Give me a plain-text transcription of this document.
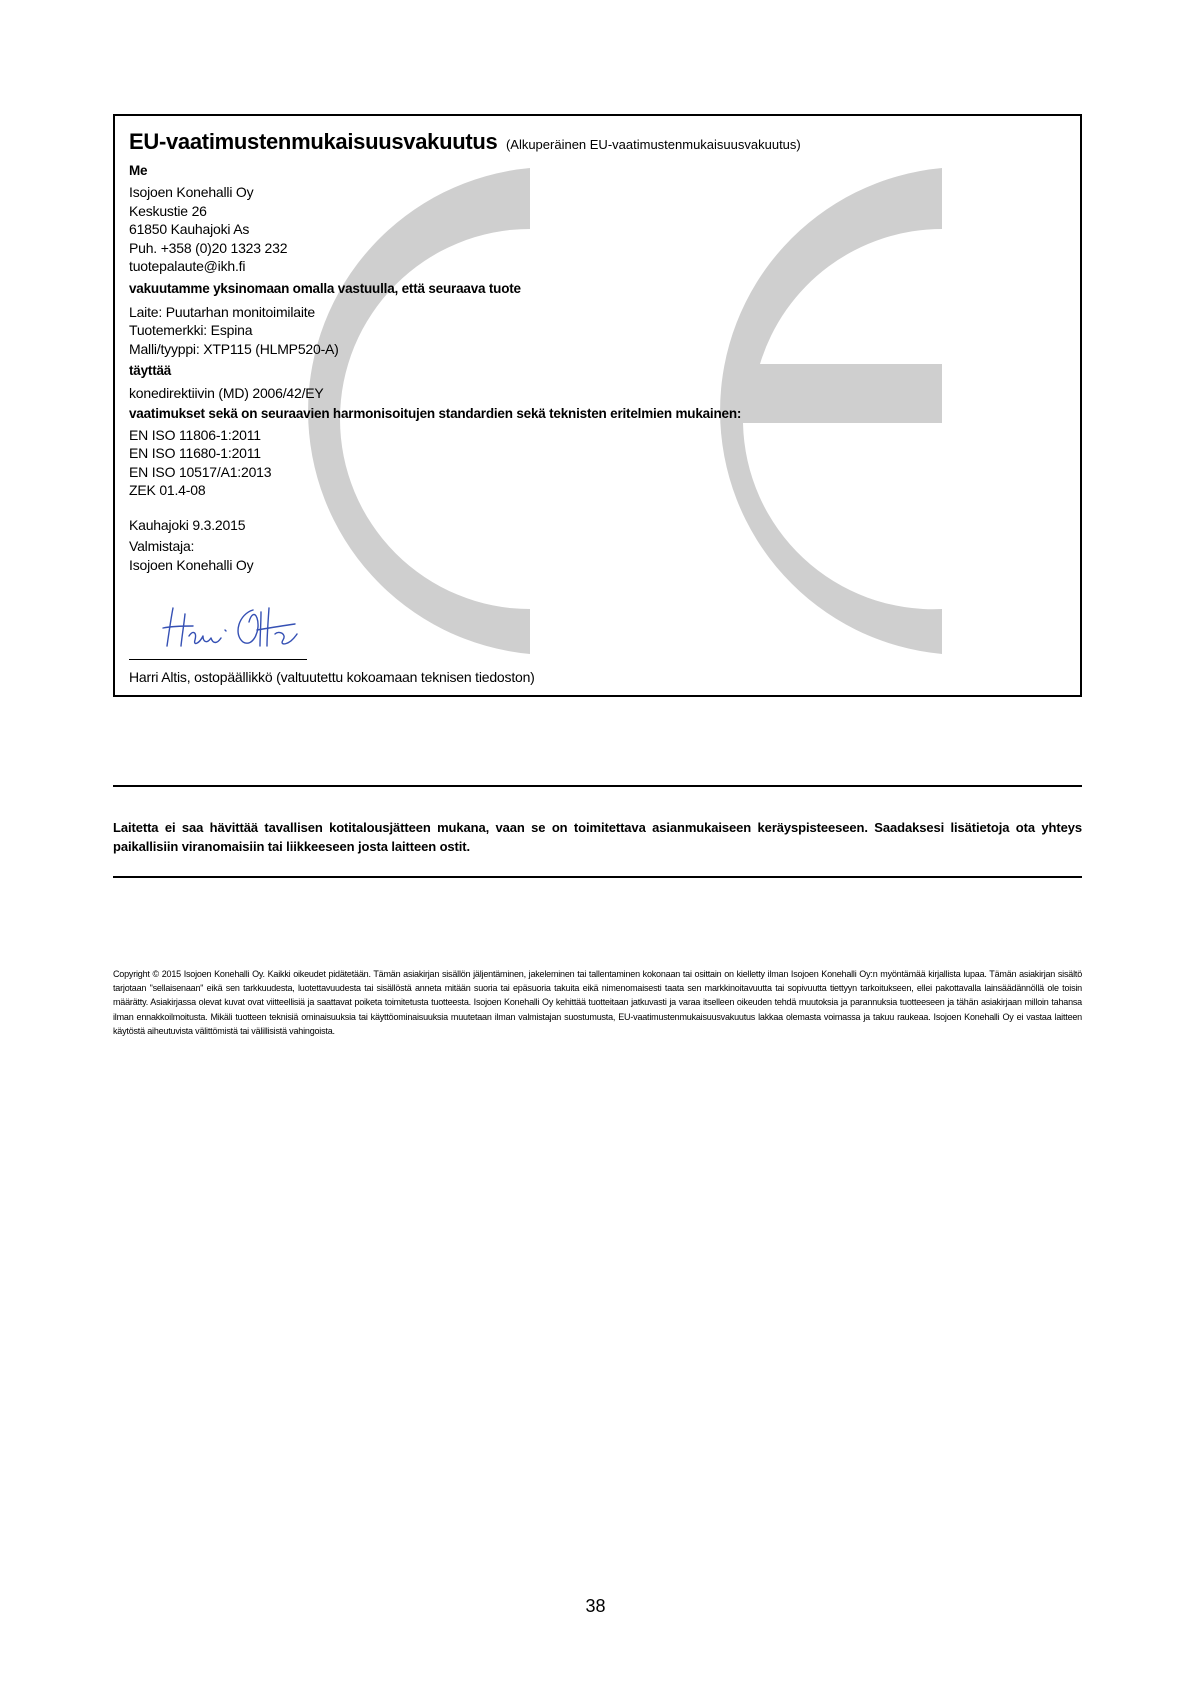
EU-vaatimustenmukaisuusvakuutus (Alkuperäinen EU-vaatimustenmukaisuusvakuutus)
Me
Isojoen Konehalli Oy
Keskustie 26
61850 Kauhajoki As
Puh. +358 (0)20 1323 232
tuotepalaute@ikh.fi
vakuutamme yksinomaan omalla vastuulla, että seuraava tuote
Laite: Puutarhan monitoimilaite
Tuotemerkki: Espina
Malli/tyyppi: XTP115 (HLMP520-A)
täyttää
konedirektiivin (MD) 2006/42/EY
vaatimukset sekä on seuraavien harmonisoitujen standardien sekä teknisten eritelmien mukainen:
EN ISO 11806-1:2011
EN ISO 11680-1:2011
EN ISO 10517/A1:2013
ZEK 01.4-08
Kauhajoki 9.3.2015
Valmistaja:
Isojoen Konehalli Oy
Harri Altis, ostopäällikkö (valtuutettu kokoamaan teknisen tiedoston)
Laitetta ei saa hävittää tavallisen kotitalousjätteen mukana, vaan se on toimitettava asianmukaiseen keräyspisteeseen. Saadaksesi lisätietoja ota yhteys paikallisiin viranomaisiin tai liikkeeseen josta laitteen ostit.
Copyright © 2015 Isojoen Konehalli Oy. Kaikki oikeudet pidätetään. Tämän asiakirjan sisällön jäljentäminen, jakeleminen tai tallentaminen kokonaan tai osittain on kielletty ilman Isojoen Konehalli Oy:n myöntämää kirjallista lupaa. Tämän asiakirjan sisältö tarjotaan "sellaisenaan" eikä sen tarkkuudesta, luotettavuudesta tai sisällöstä anneta mitään suoria tai epäsuoria takuita eikä nimenomaisesti taata sen markkinoitavuutta tai sopivuutta tiettyyn tarkoitukseen, ellei pakottavalla lainsäädännöllä ole toisin määrätty. Asiakirjassa olevat kuvat ovat viitteellisiä ja saattavat poiketa toimitetusta tuotteesta. Isojoen Konehalli Oy kehittää tuotteitaan jatkuvasti ja varaa itselleen oikeuden tehdä muutoksia ja parannuksia tuotteeseen ja tähän asiakirjaan milloin tahansa ilman ennakkoilmoitusta. Mikäli tuotteen teknisiä ominaisuuksia tai käyttöominaisuuksia muutetaan ilman valmistajan suostumusta, EU-vaatimustenmukaisuusvakuutus lakkaa olemasta voimassa ja takuu raukeaa. Isojoen Konehalli Oy ei vastaa laitteen käytöstä aiheutuvista välittömistä tai välillisistä vahingoista.
38
